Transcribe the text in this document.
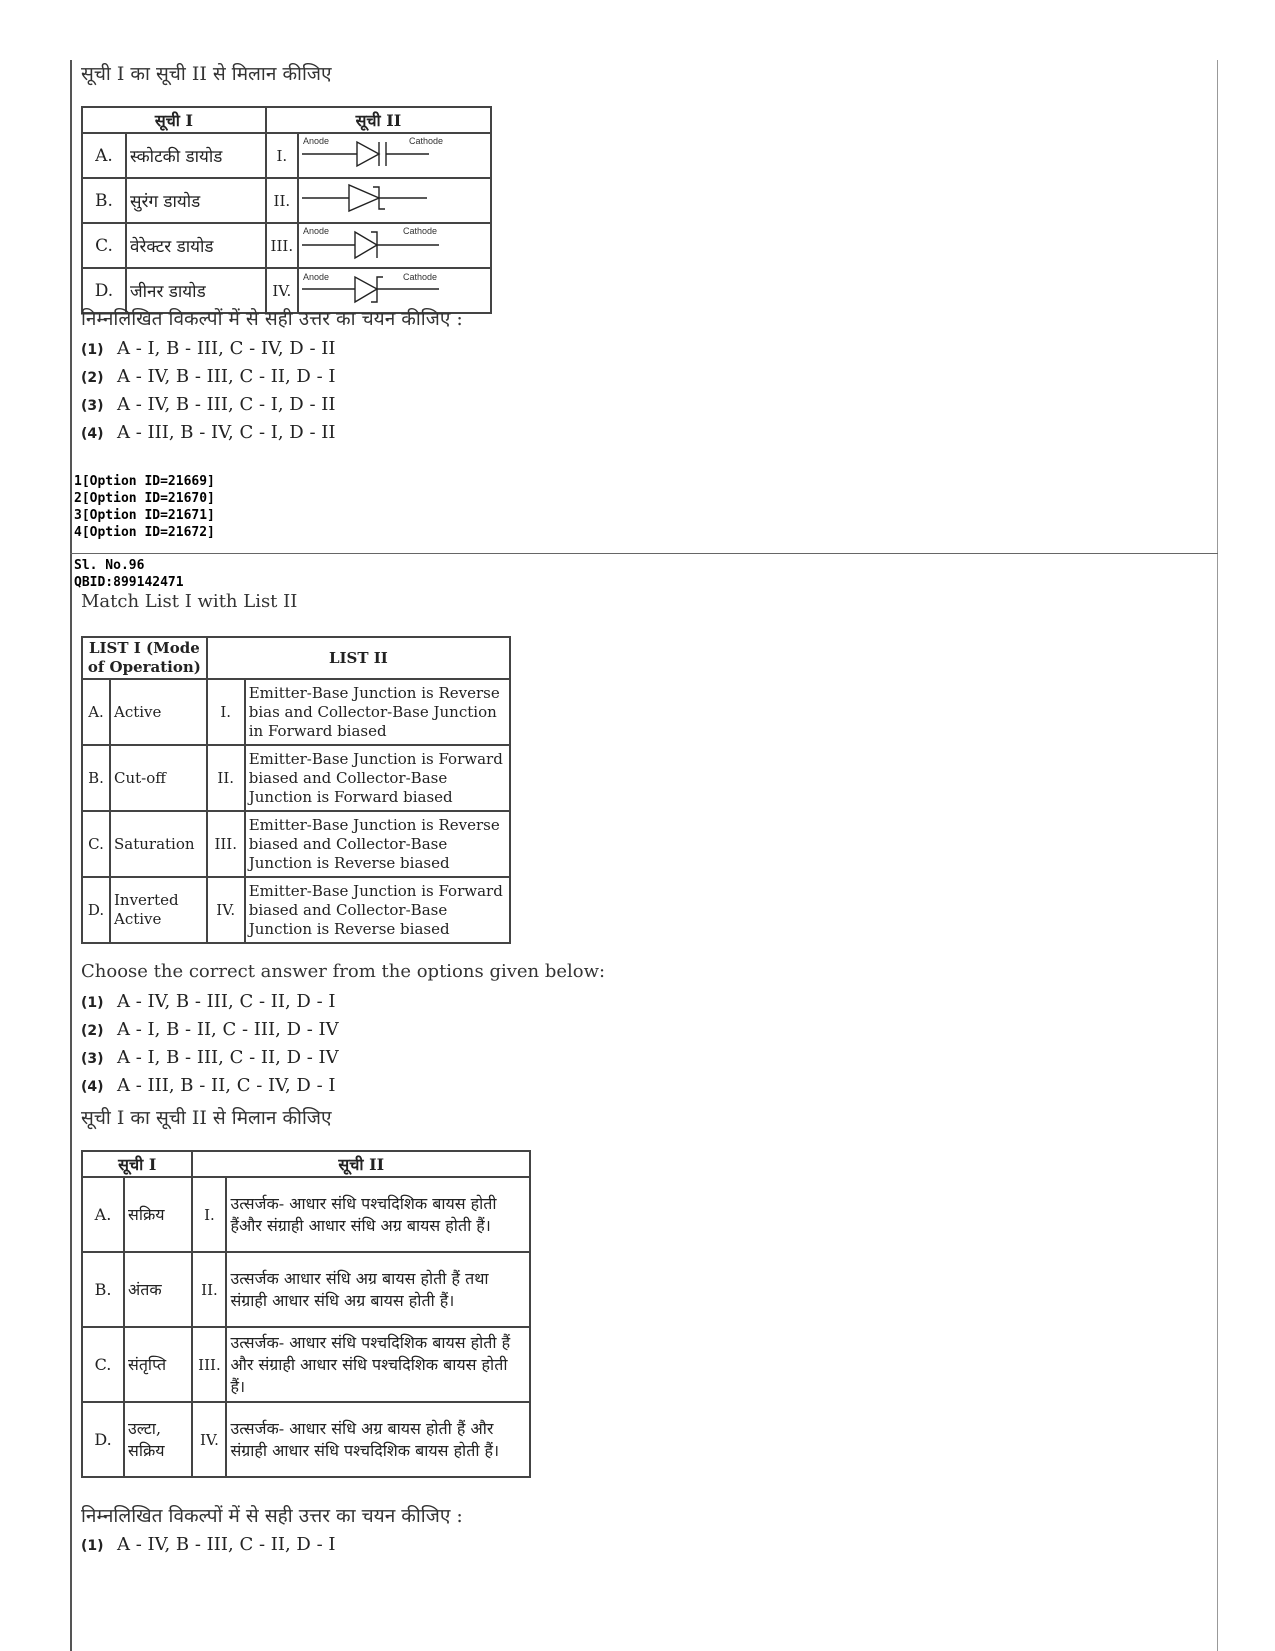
सूची I का सूची II से मिलान कीजिए
सूची I		सूची II	
A.	स्कोटकी डायोड	I.	Anode Cathode

B.	सुरंग डायोड	II.	
C.	वेरेक्टर डायोड	III.	Anode Cathode

D.	जीनर डायोड	IV.	Anode Cathode
निम्नलिखित विकल्पों में से सही उत्तर का चयन कीजिए :
(1) A - I, B - III, C - IV, D - II
(2) A - IV, B - III, C - II, D - I
(3) A - IV, B - III, C - I, D - II
(4) A - III, B - IV, C - I, D - II
1[Option ID=21669]
2[Option ID=21670]
3[Option ID=21671]
4[Option ID=21672]
Sl. No.96
QBID:899142471
Match List I with List II
LIST I (Mode of Operation)		LIST II	
A.	Active	I.	Emitter-Base Junction is Reverse bias and Collector-Base Junction in Forward biased
B.	Cut-off	II.	Emitter-Base Junction is Forward biased and Collector-Base Junction is Forward biased
C.	Saturation	III.	Emitter-Base Junction is Reverse biased and Collector-Base Junction is Reverse biased
D.	Inverted Active	IV.	Emitter-Base Junction is Forward biased and Collector-Base Junction is Reverse biased
Choose the correct answer from the options given below:
(1) A - IV, B - III, C - II, D - I
(2) A - I, B - II, C - III, D - IV
(3) A - I, B - III, C - II, D - IV
(4) A - III, B - II, C - IV, D - I
सूची I का सूची II से मिलान कीजिए
सूची I		सूची II	
A.	सक्रिय	I.	उत्सर्जक- आधार संधि पश्चदिशिक बायस होती हैंऔर संग्राही आधार संधि अग्र बायस होती हैं।
B.	अंतक	II.	उत्सर्जक आधार संधि अग्र बायस होती हैं तथा संग्राही आधार संधि अग्र बायस होती हैं।
C.	संतृप्ति	III.	उत्सर्जक- आधार संधि पश्चदिशिक बायस होती हैं और संग्राही आधार संधि पश्चदिशिक बायस होती हैं।
D.	उल्टा, सक्रिय	IV.	उत्सर्जक- आधार संधि अग्र बायस होती हैं और संग्राही आधार संधि पश्चदिशिक बायस होती हैं।
निम्नलिखित विकल्पों में से सही उत्तर का चयन कीजिए :
(1) A - IV, B - III, C - II, D - I
